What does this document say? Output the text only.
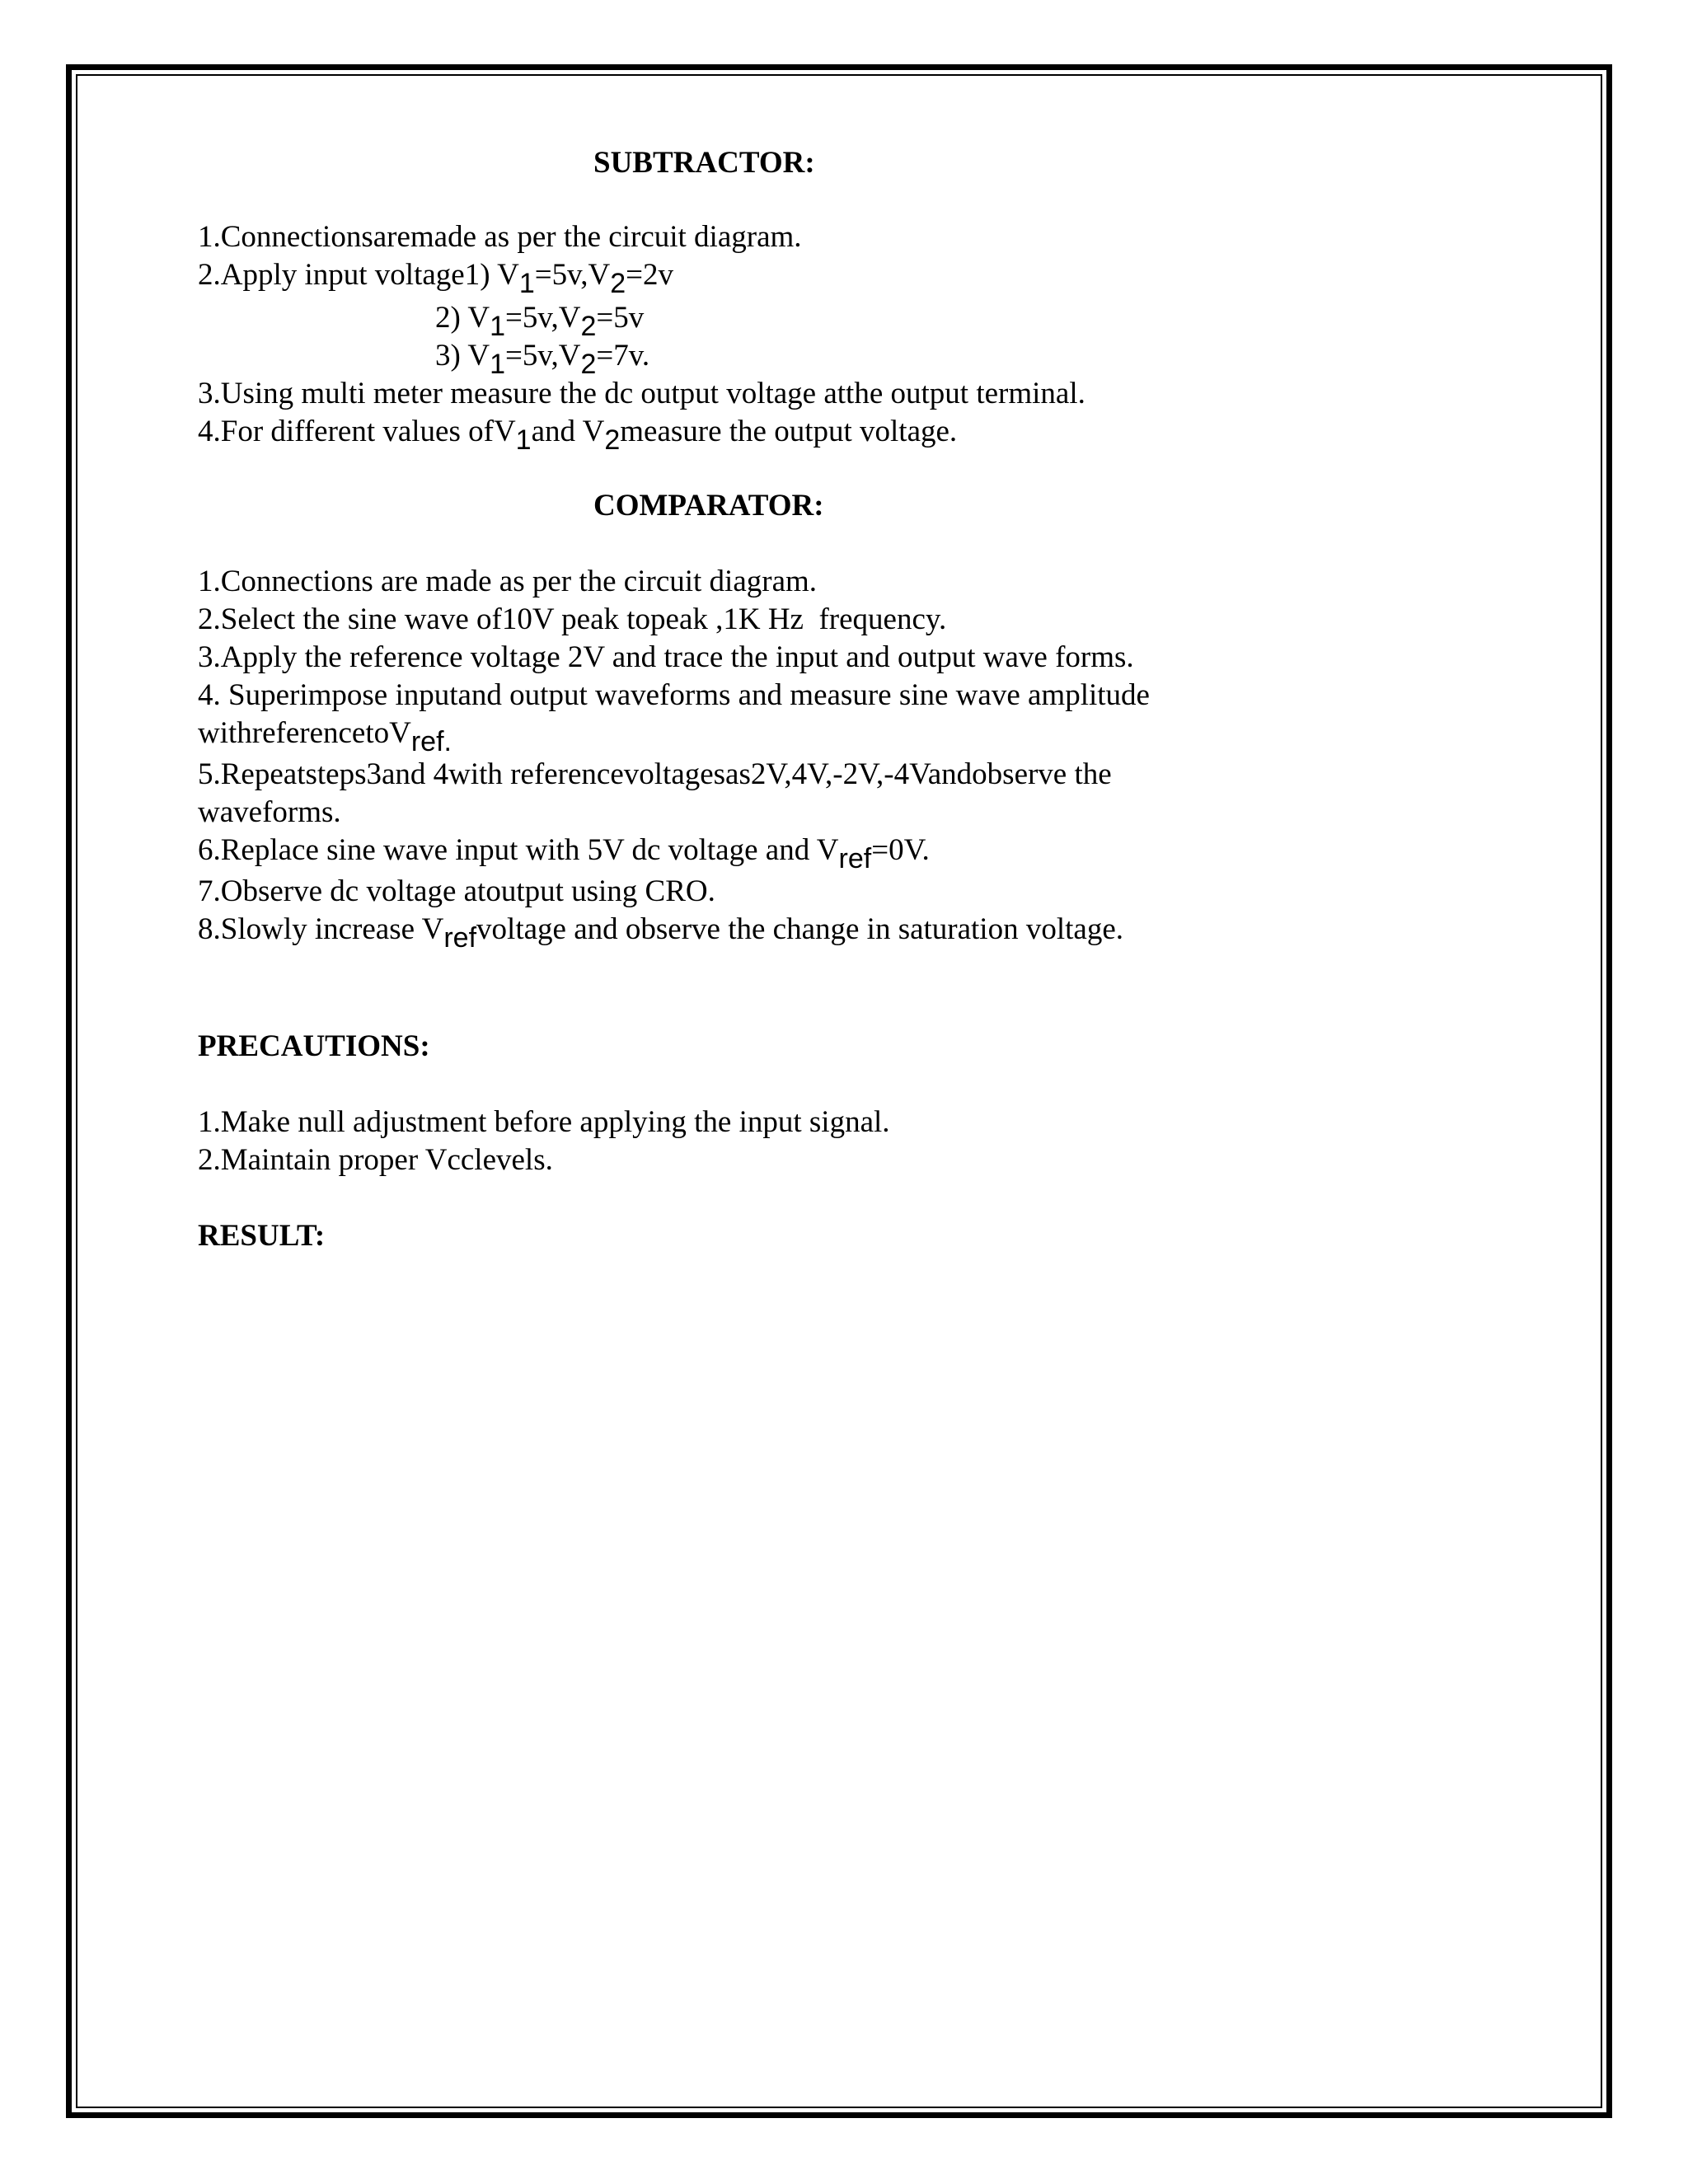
SUBTRACTOR:
1.Connectionsaremade as per the circuit diagram.
2.Apply input voltage1) V1=5v,V2=2v
2) V1=5v,V2=5v
3) V1=5v,V2=7v.
3.Using multi meter measure the dc output voltage atthe output terminal.
4.For different values ofV1and V2measure the output voltage.
COMPARATOR:
1.Connections are made as per the circuit diagram.
2.Select the sine wave of10V peak topeak ,1K Hz  frequency.
3.Apply the reference voltage 2V and trace the input and output wave forms.
4. Superimpose inputand output waveforms and measure sine wave amplitude
withreferencetoVref.
5.Repeatsteps3and 4with referencevoltagesas2V,4V,-2V,-4Vandobserve the
waveforms.
6.Replace sine wave input with 5V dc voltage and Vref=0V.
7.Observe dc voltage atoutput using CRO.
8.Slowly increase Vrefvoltage and observe the change in saturation voltage.
PRECAUTIONS:
1.Make null adjustment before applying the input signal.
2.Maintain proper Vcclevels.
RESULT:
